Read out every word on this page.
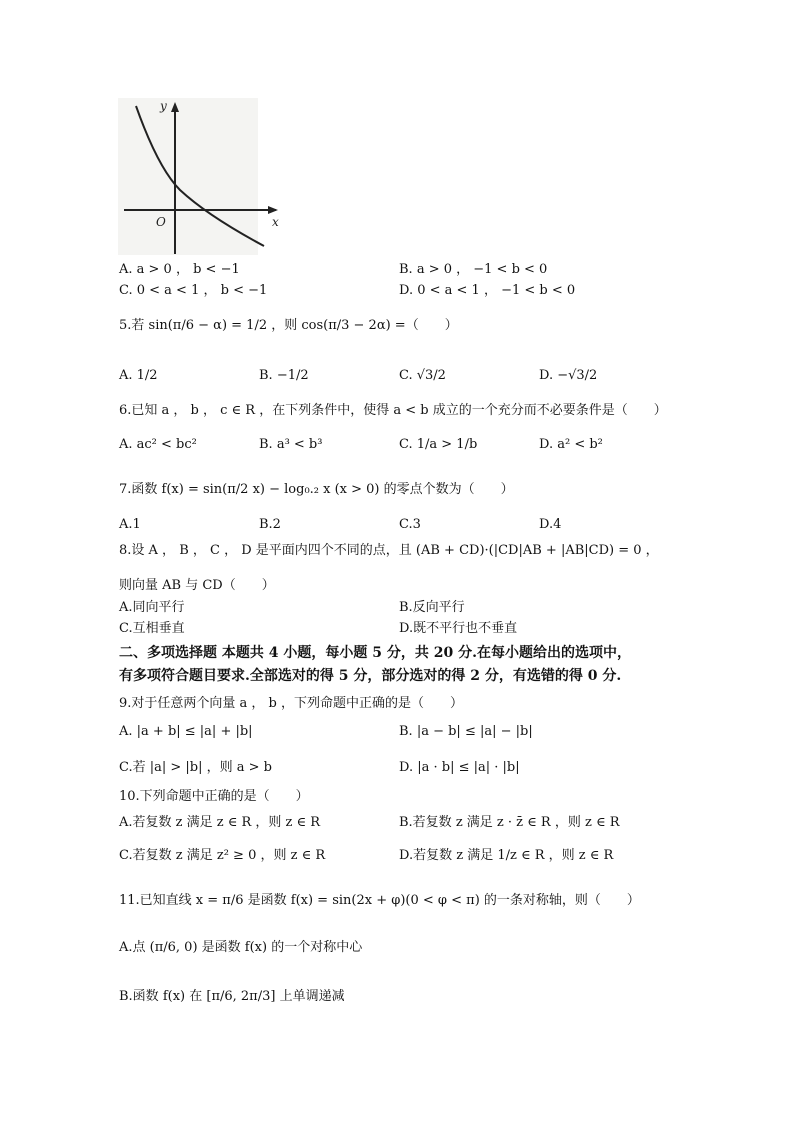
y
x
O
A. a > 0 ， b < −1	B. a > 0 ， −1 < b < 0
C. 0 < a < 1 ， b < −1	D. 0 < a < 1 ， −1 < b < 0
5.若 sin(π/6 − α) = 1/2 ，则 cos(π/3 − 2α) =（　　）
A. 1/2	B. −1/2	C. √3/2	D. −√3/2
6.已知 a ， b ， c ∈ R ，在下列条件中，使得 a < b 成立的一个充分而不必要条件是（　　）
A. ac² < bc²	B. a³ < b³	C. 1/a > 1/b	D. a² < b²
7.函数 f(x) = sin(π/2 x) − log₀.₂ x (x > 0) 的零点个数为（　　）
A.1	B.2	C.3	D.4
8.设 A ， B ， C ， D 是平面内四个不同的点，且 (AB + CD)·(|CD|AB + |AB|CD) = 0 ，
则向量 AB 与 CD（　　）
A.同向平行	B.反向平行
C.互相垂直	D.既不平行也不垂直
二、多项选择题 本题共 4 小题，每小题 5 分，共 20 分.在每小题给出的选项中，
有多项符合题目要求.全部选对的得 5 分，部分选对的得 2 分，有选错的得 0 分.
9.对于任意两个向量 a ， b ，下列命题中正确的是（　　）
A. |a + b| ≤ |a| + |b|	B. |a − b| ≤ |a| − |b|
C.若 |a| > |b| ，则 a > b	D. |a · b| ≤ |a| · |b|
10.下列命题中正确的是（　　）
A.若复数 z 满足 z ∈ R ，则 z ∈ R	B.若复数 z 满足 z · z̄ ∈ R ，则 z ∈ R
C.若复数 z 满足 z² ≥ 0 ，则 z ∈ R	D.若复数 z 满足 1/z ∈ R ，则 z ∈ R
11.已知直线 x = π/6 是函数 f(x) = sin(2x + φ)(0 < φ < π) 的一条对称轴，则（　　）
A.点 (π/6, 0) 是函数 f(x) 的一个对称中心
B.函数 f(x) 在 [π/6, 2π/3] 上单调递减
